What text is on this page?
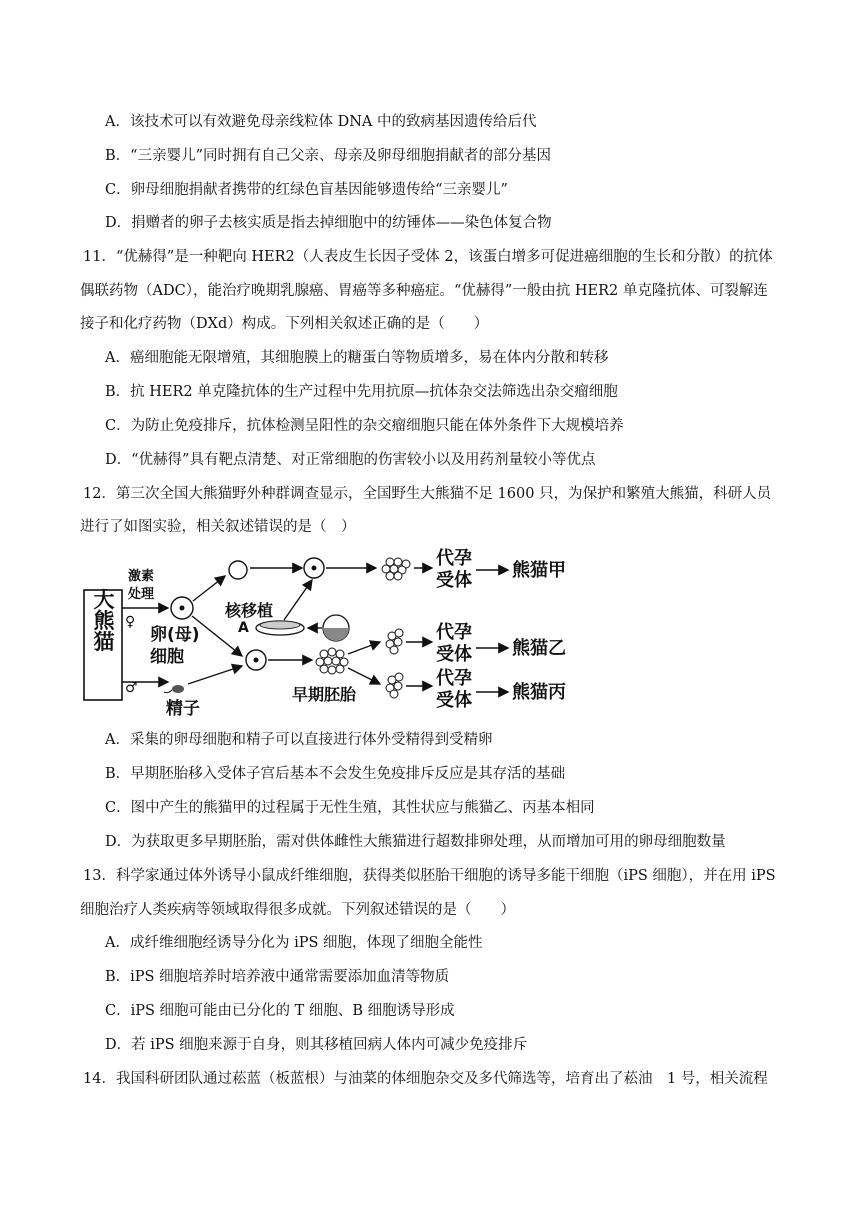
A．该技术可以有效避免母亲线粒体 DNA 中的致病基因遗传给后代
B．“三亲婴儿”同时拥有自己父亲、母亲及卵母细胞捐献者的部分基因
C．卵母细胞捐献者携带的红绿色盲基因能够遗传给“三亲婴儿”
D．捐赠者的卵子去核实质是指去掉细胞中的纺锤体——染色体复合物
11．“优赫得”是一种靶向 HER2（人表皮生长因子受体 2，该蛋白增多可促进癌细胞的生长和分散）的抗体
偶联药物（ADC），能治疗晚期乳腺癌、胃癌等多种癌症。“优赫得”一般由抗 HER2 单克隆抗体、可裂解连
接子和化疗药物（DXd）构成。下列相关叙述正确的是（　　）
A．癌细胞能无限增殖，其细胞膜上的糖蛋白等物质增多，易在体内分散和转移
B．抗 HER2 单克隆抗体的生产过程中先用抗原—抗体杂交法筛选出杂交瘤细胞
C．为防止免疫排斥，抗体检测呈阳性的杂交瘤细胞只能在体外条件下大规模培养
D．“优赫得”具有靶点清楚、对正常细胞的伤害较小以及用药剂量较小等优点
12．第三次全国大熊猫野外种群调查显示，全国野生大熊猫不足 1600 只，为保护和繁殖大熊猫，科研人员
进行了如图实验，相关叙述错误的是（　）
大熊猫 ♀
♂
激素
处理
卵(母)
细胞
精子
核移植
A
代孕
受体 熊猫甲
早期胚胎
代孕
受体
代孕
受体
熊猫乙
熊猫丙
A．采集的卵母细胞和精子可以直接进行体外受精得到受精卵
B．早期胚胎移入受体子宫后基本不会发生免疫排斥反应是其存活的基础
C．图中产生的熊猫甲的过程属于无性生殖，其性状应与熊猫乙、丙基本相同
D．为获取更多早期胚胎，需对供体雌性大熊猫进行超数排卵处理，从而增加可用的卵母细胞数量
13．科学家通过体外诱导小鼠成纤维细胞，获得类似胚胎干细胞的诱导多能干细胞（iPS 细胞），并在用 iPS
细胞治疗人类疾病等领域取得很多成就。下列叙述错误的是（　　）
A．成纤维细胞经诱导分化为 iPS 细胞，体现了细胞全能性
B．iPS 细胞培养时培养液中通常需要添加血清等物质
C．iPS 细胞可能由已分化的 T 细胞、B 细胞诱导形成
D．若 iPS 细胞来源于自身，则其移植回病人体内可减少免疫排斥
14．我国科研团队通过菘蓝（板蓝根）与油菜的体细胞杂交及多代筛选等，培育出了菘油　1 号，相关流程
